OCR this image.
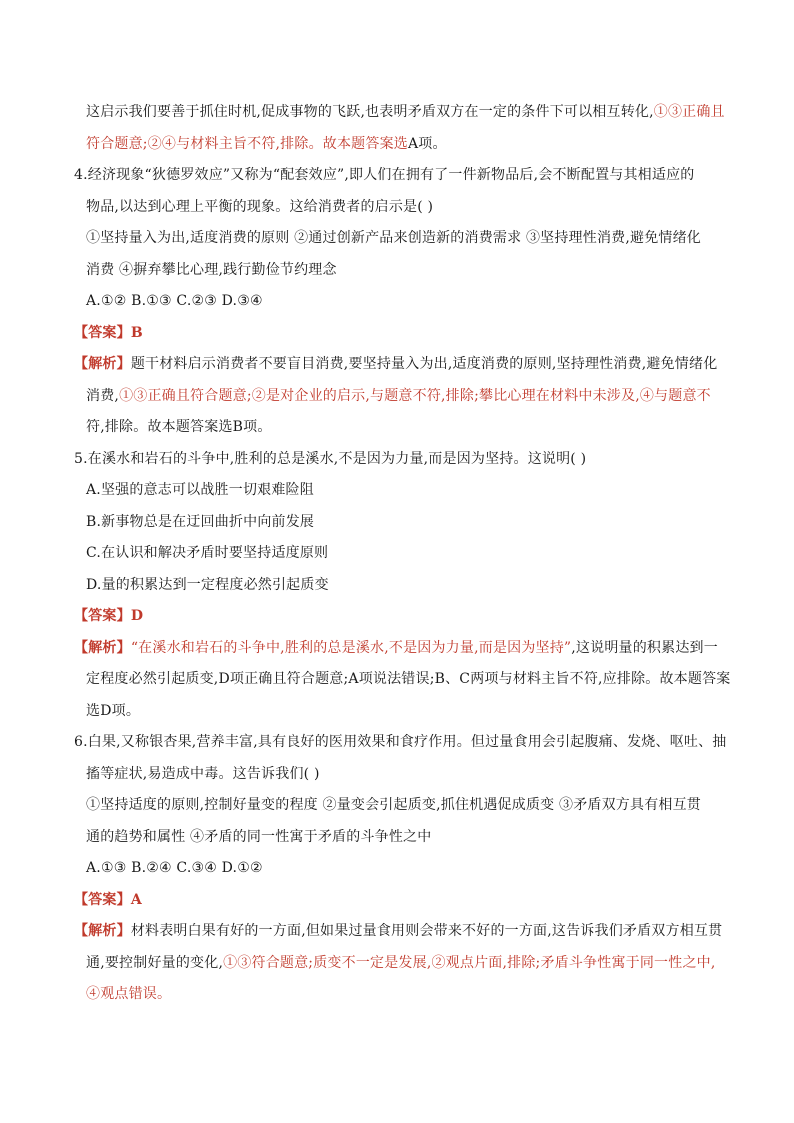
这启示我们要善于抓住时机,促成事物的飞跃,也表明矛盾双方在一定的条件下可以相互转化,①③正确且
符合题意;②④与材料主旨不符,排除。故本题答案选A项。
4.经济现象“狄德罗效应”又称为“配套效应”,即人们在拥有了一件新物品后,会不断配置与其相适应的
物品,以达到心理上平衡的现象。这给消费者的启示是( )
①坚持量入为出,适度消费的原则 ②通过创新产品来创造新的消费需求 ③坚持理性消费,避免情绪化
消费 ④摒弃攀比心理,践行勤俭节约理念
A.①② B.①③ C.②③ D.③④
【答案】B
【解析】题干材料启示消费者不要盲目消费,要坚持量入为出,适度消费的原则,坚持理性消费,避免情绪化
消费,①③正确且符合题意;②是对企业的启示,与题意不符,排除;攀比心理在材料中未涉及,④与题意不
符,排除。故本题答案选B项。
5.在溪水和岩石的斗争中,胜利的总是溪水,不是因为力量,而是因为坚持。这说明( )
A.坚强的意志可以战胜一切艰难险阻
B.新事物总是在迂回曲折中向前发展
C.在认识和解决矛盾时要坚持适度原则
D.量的积累达到一定程度必然引起质变
【答案】D
【解析】“在溪水和岩石的斗争中,胜利的总是溪水,不是因为力量,而是因为坚持”,这说明量的积累达到一
定程度必然引起质变,D项正确且符合题意;A项说法错误;B、C两项与材料主旨不符,应排除。故本题答案
选D项。
6.白果,又称银杏果,营养丰富,具有良好的医用效果和食疗作用。但过量食用会引起腹痛、发烧、呕吐、抽
搐等症状,易造成中毒。这告诉我们( )
①坚持适度的原则,控制好量变的程度 ②量变会引起质变,抓住机遇促成质变 ③矛盾双方具有相互贯
通的趋势和属性 ④矛盾的同一性寓于矛盾的斗争性之中
A.①③ B.②④ C.③④ D.①②
【答案】A
【解析】材料表明白果有好的一方面,但如果过量食用则会带来不好的一方面,这告诉我们矛盾双方相互贯
通,要控制好量的变化,①③符合题意;质变不一定是发展,②观点片面,排除;矛盾斗争性寓于同一性之中,
④观点错误。
